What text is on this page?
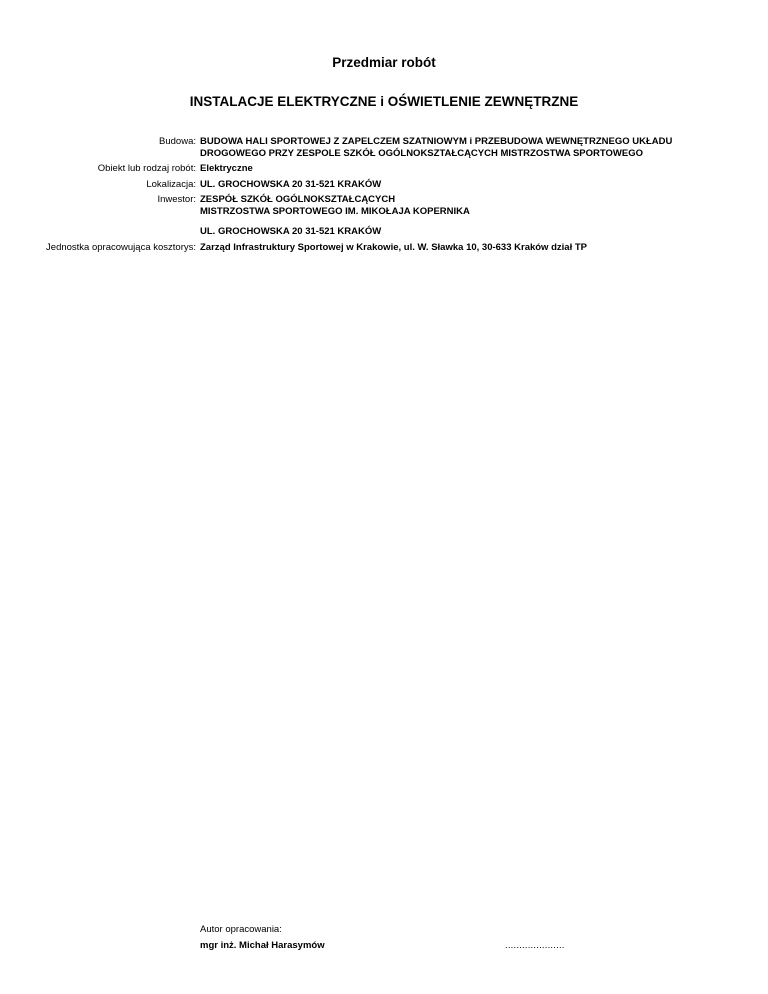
Przedmiar robót
INSTALACJE ELEKTRYCZNE i OŚWIETLENIE ZEWNĘTRZNE
Budowa: BUDOWA HALI SPORTOWEJ Z ZAPELCZEM SZATNIOWYM i PRZEBUDOWA WEWNĘTRZNEGO UKŁADU
DROGOWEGO PRZY ZESPOLE SZKÓŁ OGÓLNOKSZTAŁCĄCYCH MISTRZOSTWA SPORTOWEGO
Obiekt lub rodzaj robót: Elektryczne
Lokalizacja: UL. GROCHOWSKA 20 31-521 KRAKÓW
Inwestor: ZESPÓŁ SZKÓŁ OGÓLNOKSZTAŁCĄCYCH
MISTRZOSTWA SPORTOWEGO IM. MIKOŁAJA KOPERNIKA
UL. GROCHOWSKA 20 31-521 KRAKÓW
Jednostka opracowująca kosztorys: Zarząd Infrastruktury Sportowej w Krakowie, ul. W. Sławka 10, 30-633 Kraków dział TP
Autor opracowania:
mgr inż. Michał Harasymów	.....................
